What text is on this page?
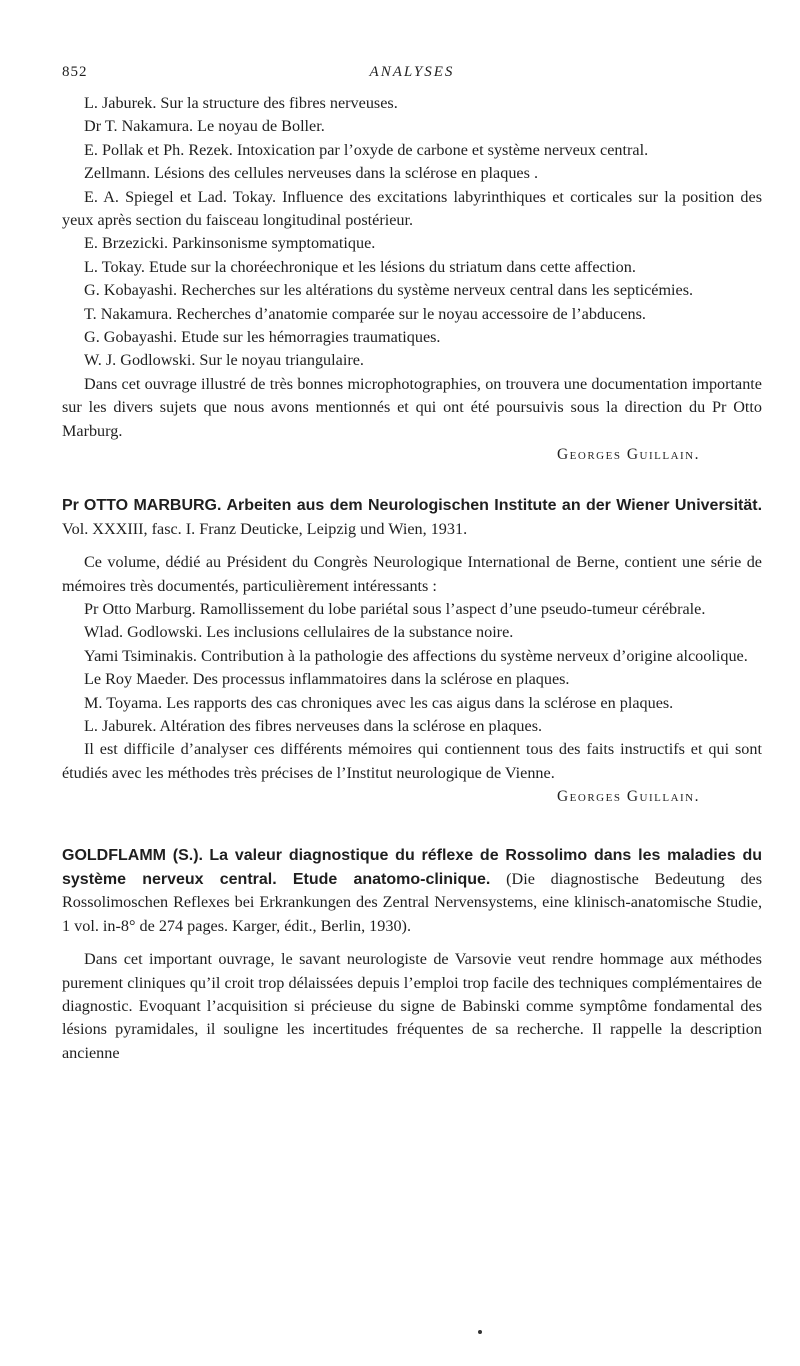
852	ANALYSES

L. Jaburek. Sur la structure des fibres nerveuses.

Dr T. Nakamura. Le noyau de Boller.

E. Pollak et Ph. Rezek. Intoxication par l’oxyde de carbone et système nerveux central.

Zellmann. Lésions des cellules nerveuses dans la sclérose en plaques .

E. A. Spiegel et Lad. Tokay. Influence des excitations labyrinthiques et corticales sur la position des yeux après section du faisceau longitudinal postérieur.

E. Brzezicki. Parkinsonisme symptomatique.

L. Tokay. Etude sur la choréechronique et les lésions du striatum dans cette affection.

G. Kobayashi. Recherches sur les altérations du système nerveux central dans les septicémies.

T. Nakamura. Recherches d’anatomie comparée sur le noyau accessoire de l’abducens.

G. Gobayashi. Etude sur les hémorragies traumatiques.

W. J. Godlowski. Sur le noyau triangulaire.

Dans cet ouvrage illustré de très bonnes microphotographies, on trouvera une documentation importante sur les divers sujets que nous avons mentionnés et qui ont été poursuivis sous la direction du Pr Otto Marburg.

Georges Guillain.

Pr OTTO MARBURG. Arbeiten aus dem Neurologischen Institute an der Wiener Universität. Vol. XXXIII, fasc. I. Franz Deuticke, Leipzig und Wien, 1931.

Ce volume, dédié au Président du Congrès Neurologique International de Berne, contient une série de mémoires très documentés, particulièrement intéressants :

Pr Otto Marburg. Ramollissement du lobe pariétal sous l’aspect d’une pseudo-tumeur cérébrale.

Wlad. Godlowski. Les inclusions cellulaires de la substance noire.

Yami Tsiminakis. Contribution à la pathologie des affections du système nerveux d’origine alcoolique.

Le Roy Maeder. Des processus inflammatoires dans la sclérose en plaques.

M. Toyama. Les rapports des cas chroniques avec les cas aigus dans la sclérose en plaques.

L. Jaburek. Altération des fibres nerveuses dans la sclérose en plaques.

Il est difficile d’analyser ces différents mémoires qui contiennent tous des faits instructifs et qui sont étudiés avec les méthodes très précises de l’Institut neurologique de Vienne.

Georges Guillain.

GOLDFLAMM (S.). La valeur diagnostique du réflexe de Rossolimo dans les maladies du système nerveux central. Etude anatomo-clinique. (Die diagnostische Bedeutung des Rossolimoschen Reflexes bei Erkrankungen des Zentral Nervensystems, eine klinisch-anatomische Studie, 1 vol. in-8° de 274 pages. Karger, édit., Berlin, 1930).

Dans cet important ouvrage, le savant neurologiste de Varsovie veut rendre hommage aux méthodes purement cliniques qu’il croit trop délaissées depuis l’emploi trop facile des techniques complémentaires de diagnostic. Evoquant l’acquisition si précieuse du signe de Babinski comme symptôme fondamental des lésions pyramidales, il souligne les incertitudes fréquentes de sa recherche. Il rappelle la description ancienne
